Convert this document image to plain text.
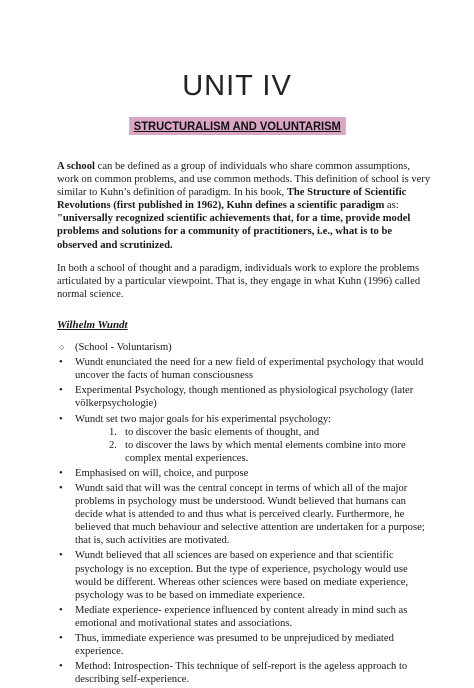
UNIT IV
STRUCTURALISM AND VOLUNTARISM

A school can be defined as a group of individuals who share common assumptions, work on common problems, and use common methods. This definition of school is very similar to Kuhn’s definition of paradigm. In his book, The Structure of Scientific Revolutions (first published in 1962), Kuhn defines a scientific paradigm as: "universally recognized scientific achievements that, for a time, provide model problems and solutions for a community of practitioners, i.e., what is to be observed and scrutinized.

In both a school of thought and a paradigm, individuals work to explore the problems articulated by a particular viewpoint. That is, they engage in what Kuhn (1996) called normal science.

Wilhelm Wundt
○ (School - Voluntarism)
• Wundt enunciated the need for a new field of experimental psychology that would uncover the facts of human consciousness
• Experimental Psychology, though mentioned as physiological psychology (later völkerpsychologie)
• Wundt set two major goals for his experimental psychology:
1. to discover the basic elements of thought, and
2. to discover the laws by which mental elements combine into more complex mental experiences.
• Emphasised on will, choice, and purpose
• Wundt said that will was the central concept in terms of which all of the major problems in psychology must be understood. Wundt believed that humans can decide what is attended to and thus what is perceived clearly. Furthermore, he believed that much behaviour and selective attention are undertaken for a purpose; that is, such activities are motivated.
• Wundt believed that all sciences are based on experience and that scientific psychology is no exception. But the type of experience, psychology would use would be different. Whereas other sciences were based on mediate experience, psychology was to be based on immediate experience.
• Mediate experience- experience influenced by content already in mind such as emotional and motivational states and associations.
• Thus, immediate experience was presumed to be unprejudiced by mediated experience.
• Method: Introspection- This technique of self-report is the ageless approach to describing self-experience.
